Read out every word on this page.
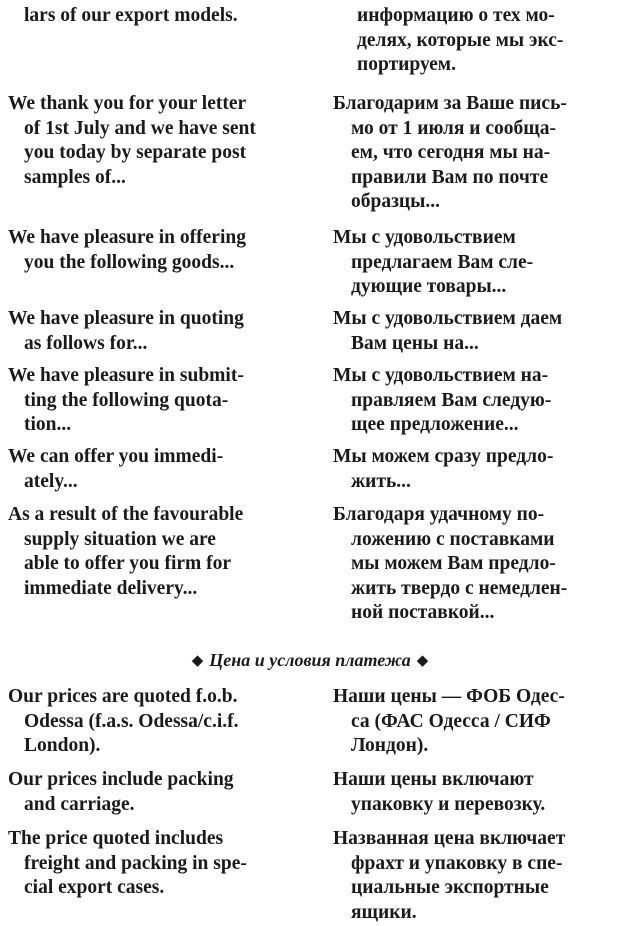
lars of our export models.	информацию о тех мо-
делях, которые мы экс-
портируем.
We thank you for your letter
of 1st July and we have sent
you today by separate post
samples of...
Благодарим за Ваше пись-
мо от 1 июля и сообща-
ем, что сегодня мы на-
правили Вам по почте
образцы...
We have pleasure in offering
you the following goods...
Мы с удовольствием
предлагаем Вам сле-
дующие товары...
We have pleasure in quoting
as follows for...
Мы с удовольствием даем
Вам цены на...
We have pleasure in submit-
ting the following quota-
tion...
Мы с удовольствием на-
правляем Вам следую-
щее предложение...
We can offer you immedi-
ately...
Мы можем сразу предло-
жить...
As a result of the favourable
supply situation we are
able to offer you firm for
immediate delivery...
Благодаря удачному по-
ложению с поставками
мы можем Вам предло-
жить твердо с немедлен-
ной поставкой...
◆ Цена и условия платежа ◆
Our prices are quoted f.o.b.
Odessa (f.a.s. Odessa/c.i.f.
London).
Наши цены — ФОБ Одес-
са (ФАС Одесса / СИФ
Лондон).
Our prices include packing
and carriage.
Наши цены включают
упаковку и перевозку.
The price quoted includes
freight and packing in spe-
cial export cases.
Названная цена включает
фрахт и упаковку в спе-
циальные экспортные
ящики.
